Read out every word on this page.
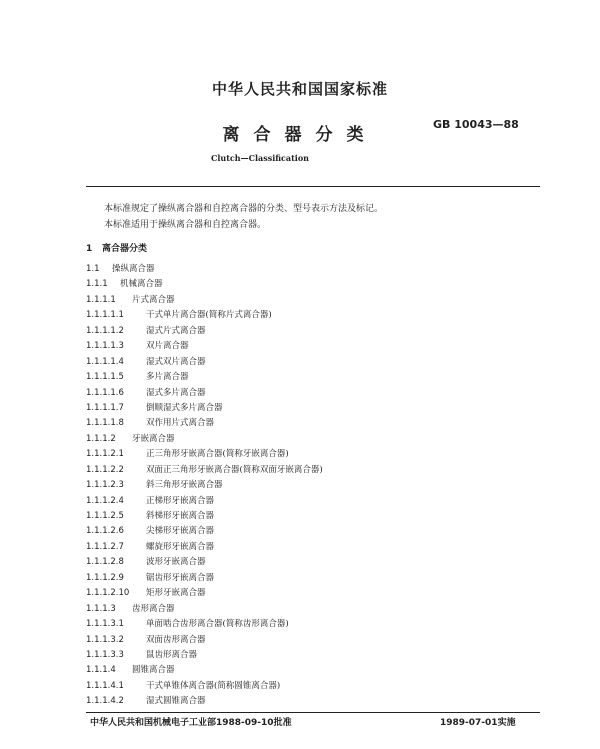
中华人民共和国国家标准
离合器分类
GB 10043—88
Clutch—Classification
本标准规定了操纵离合器和自控离合器的分类、型号表示方法及标记。
本标准适用于操纵离合器和自控离合器。
1 离合器分类
1.1 操纵离合器
1.1.1 机械离合器
1.1.1.1 片式离合器
1.1.1.1.1	干式单片离合器(简称片式离合器)
1.1.1.1.2	湿式片式离合器
1.1.1.1.3	双片离合器
1.1.1.1.4	湿式双片离合器
1.1.1.1.5	多片离合器
1.1.1.1.6	湿式多片离合器
1.1.1.1.7	倒顺湿式多片离合器
1.1.1.1.8	双作用片式离合器
1.1.1.2 牙嵌离合器
1.1.1.2.1	正三角形牙嵌离合器(简称牙嵌离合器)
1.1.1.2.2	双面正三角形牙嵌离合器(简称双面牙嵌离合器)
1.1.1.2.3	斜三角形牙嵌离合器
1.1.1.2.4	正梯形牙嵌离合器
1.1.1.2.5	斜梯形牙嵌离合器
1.1.1.2.6	尖梯形牙嵌离合器
1.1.1.2.7	螺旋形牙嵌离合器
1.1.1.2.8	波形牙嵌离合器
1.1.1.2.9	锯齿形牙嵌离合器
1.1.1.2.10 矩形牙嵌离合器
1.1.1.3 齿形离合器
1.1.1.3.1	单面啮合齿形离合器(简称齿形离合器)
1.1.1.3.2	双面齿形离合器
1.1.1.3.3	鼠齿形离合器
1.1.1.4 圆锥离合器
1.1.1.4.1	干式单锥体离合器(简称圆锥离合器)
1.1.1.4.2	湿式圆锥离合器
中华人民共和国机械电子工业部1988-09-10批准	1989-07-01实施
